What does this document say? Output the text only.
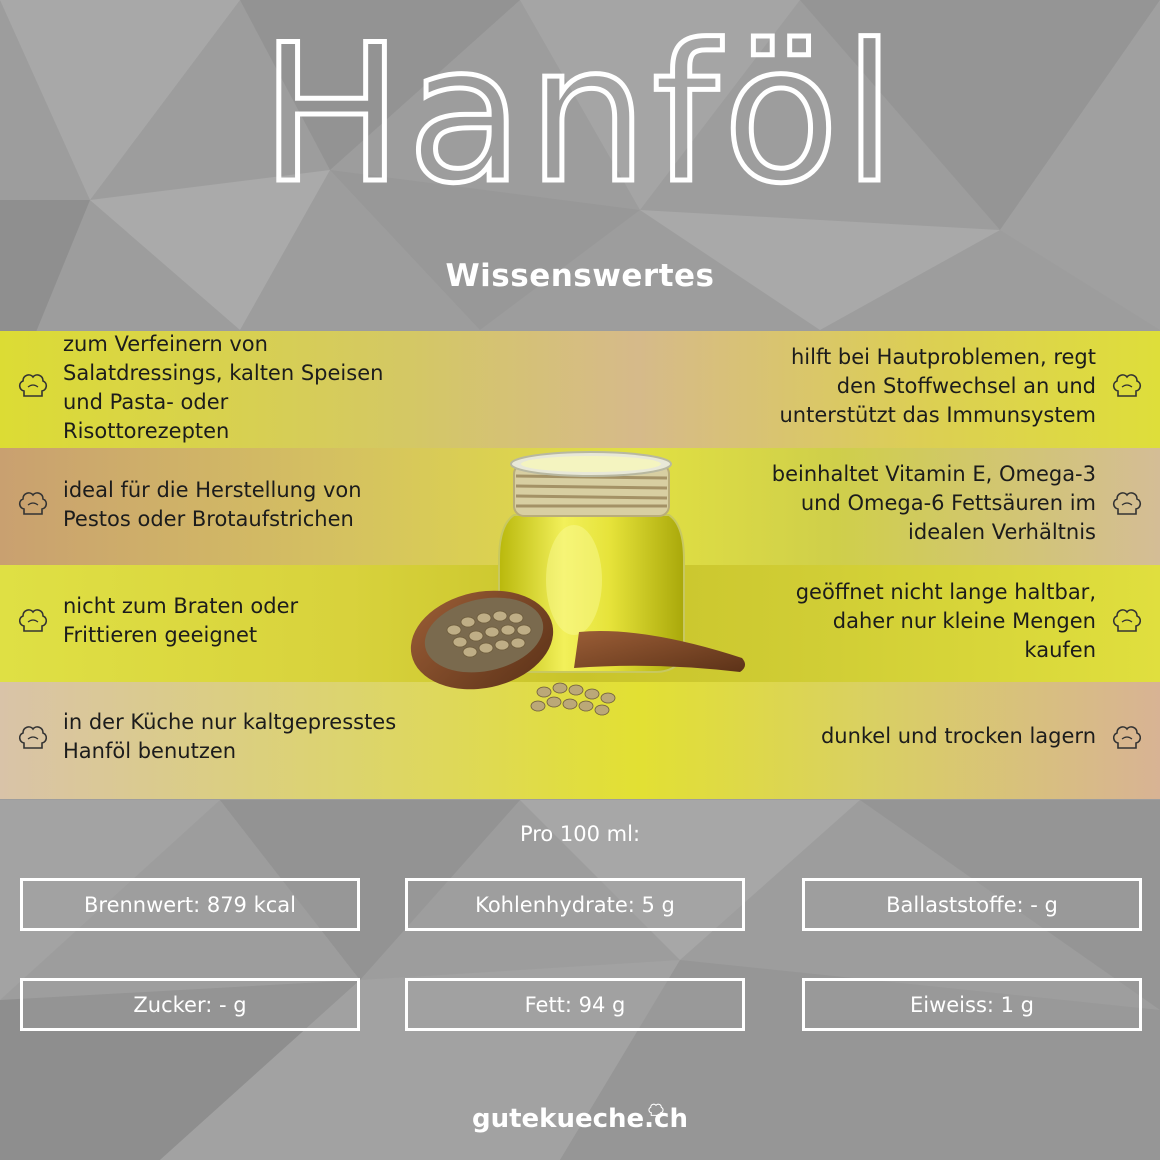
Hanföl
Wissenswertes
zum Verfeinern von
Salatdressings, kalten Speisen
und Pasta- oder
Risottorezepten
ideal für die Herstellung von
Pestos oder Brotaufstrichen
nicht zum Braten oder
Frittieren geeignet
in der Küche nur kaltgepresstes
Hanföl benutzen
hilft bei Hautproblemen, regt
den Stoffwechsel an und
unterstützt das Immunsystem
beinhaltet Vitamin E, Omega-3
und Omega-6 Fettsäuren im
idealen Verhältnis
geöffnet nicht lange haltbar,
daher nur kleine Mengen
kaufen
dunkel und trocken lagern
Pro 100 ml:
Brennwert: 879 kcal	Kohlenhydrate: 5 g	Ballaststoffe: - g
Zucker: - g	Fett: 94 g	Eiweiss: 1 g
gutekueche.ch
